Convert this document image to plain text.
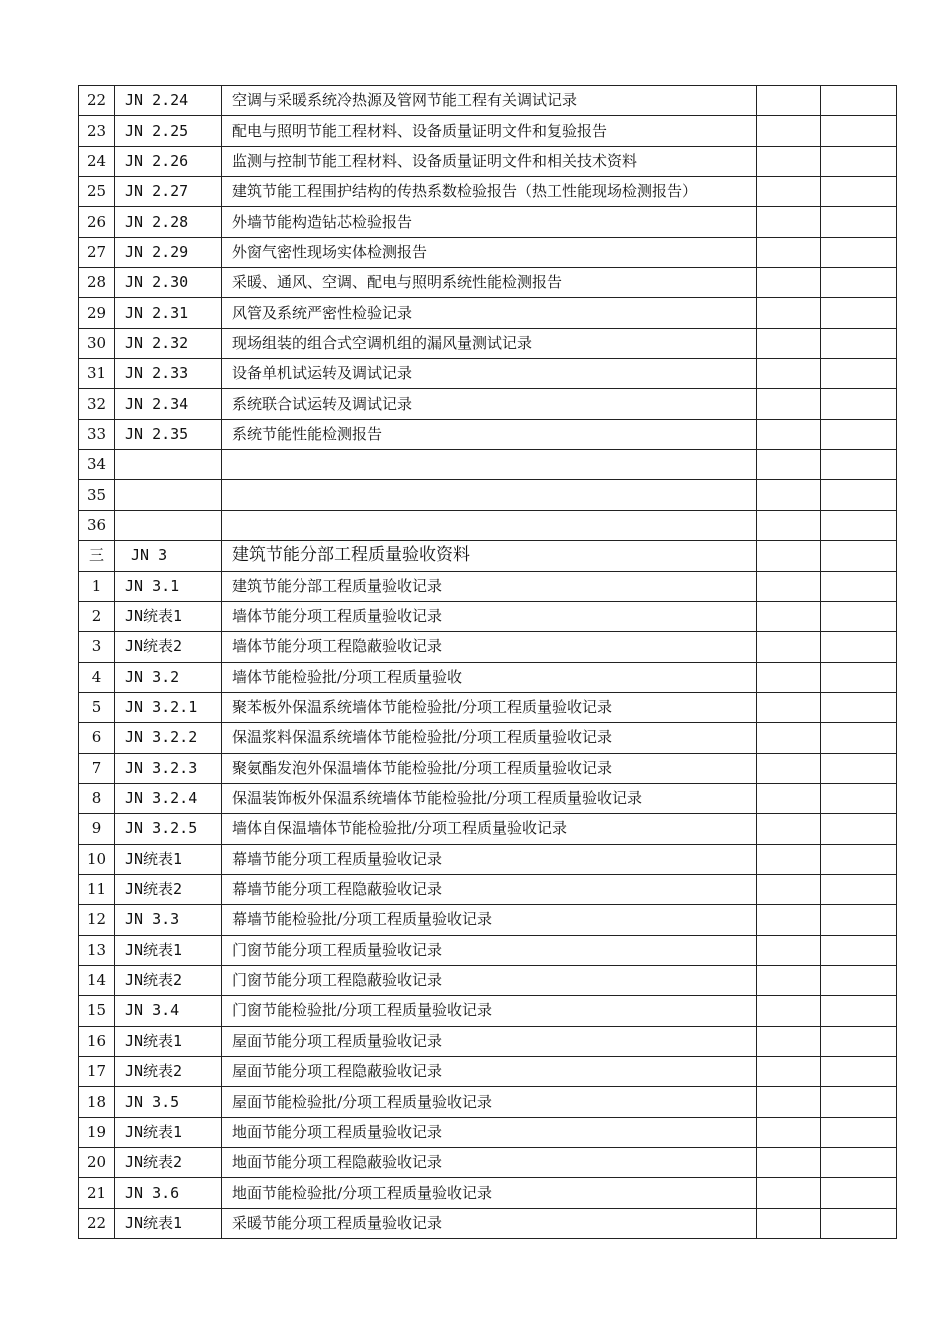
22	JN 2.24	空调与采暖系统冷热源及管网节能工程有关调试记录		
23	JN 2.25	配电与照明节能工程材料、设备质量证明文件和复验报告		
24	JN 2.26	监测与控制节能工程材料、设备质量证明文件和相关技术资料		
25	JN 2.27	建筑节能工程围护结构的传热系数检验报告（热工性能现场检测报告）		
26	JN 2.28	外墙节能构造钻芯检验报告		
27	JN 2.29	外窗气密性现场实体检测报告		
28	JN 2.30	采暖、通风、空调、配电与照明系统性能检测报告		
29	JN 2.31	风管及系统严密性检验记录		
30	JN 2.32	现场组装的组合式空调机组的漏风量测试记录		
31	JN 2.33	设备单机试运转及调试记录		
32	JN 2.34	系统联合试运转及调试记录		
33	JN 2.35	系统节能性能检测报告		
34				
35				
36				
三	JN 3	建筑节能分部工程质量验收资料		
1	JN 3.1	建筑节能分部工程质量验收记录		
2	JN统表1	墙体节能分项工程质量验收记录		
3	JN统表2	墙体节能分项工程隐蔽验收记录		
4	JN 3.2	墙体节能检验批/分项工程质量验收		
5	JN 3.2.1	聚苯板外保温系统墙体节能检验批/分项工程质量验收记录		
6	JN 3.2.2	保温浆料保温系统墙体节能检验批/分项工程质量验收记录		
7	JN 3.2.3	聚氨酯发泡外保温墙体节能检验批/分项工程质量验收记录		
8	JN 3.2.4	保温装饰板外保温系统墙体节能检验批/分项工程质量验收记录		
9	JN 3.2.5	墙体自保温墙体节能检验批/分项工程质量验收记录		
10	JN统表1	幕墙节能分项工程质量验收记录		
11	JN统表2	幕墙节能分项工程隐蔽验收记录		
12	JN 3.3	幕墙节能检验批/分项工程质量验收记录		
13	JN统表1	门窗节能分项工程质量验收记录		
14	JN统表2	门窗节能分项工程隐蔽验收记录		
15	JN 3.4	门窗节能检验批/分项工程质量验收记录		
16	JN统表1	屋面节能分项工程质量验收记录		
17	JN统表2	屋面节能分项工程隐蔽验收记录		
18	JN 3.5	屋面节能检验批/分项工程质量验收记录		
19	JN统表1	地面节能分项工程质量验收记录		
20	JN统表2	地面节能分项工程隐蔽验收记录		
21	JN 3.6	地面节能检验批/分项工程质量验收记录		
22	JN统表1	采暖节能分项工程质量验收记录		
